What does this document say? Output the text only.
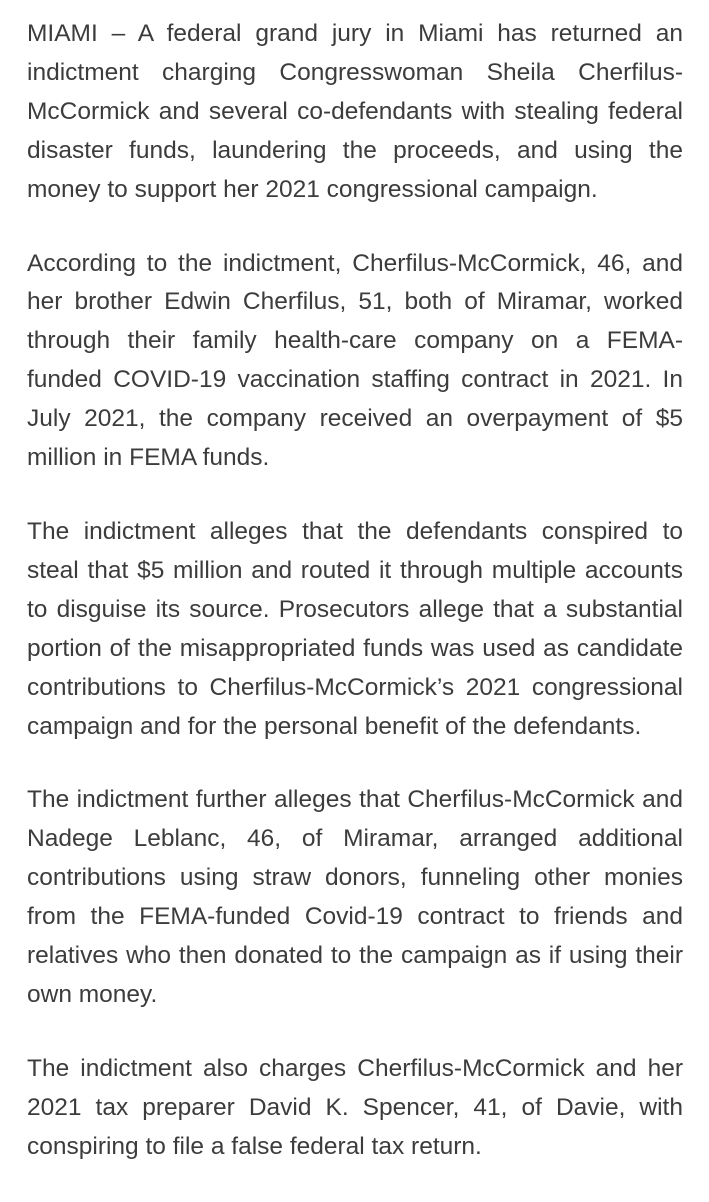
MIAMI – A federal grand jury in Miami has returned an indictment charging Congresswoman Sheila Cherfilus-McCormick and several co-defendants with stealing federal disaster funds, laundering the proceeds, and using the money to support her 2021 congressional campaign.

According to the indictment, Cherfilus-McCormick, 46, and her brother Edwin Cherfilus, 51, both of Miramar, worked through their family health-care company on a FEMA-funded COVID-19 vaccination staffing contract in 2021. In July 2021, the company received an overpayment of $5 million in FEMA funds.

The indictment alleges that the defendants conspired to steal that $5 million and routed it through multiple accounts to disguise its source. Prosecutors allege that a substantial portion of the misappropriated funds was used as candidate contributions to Cherfilus-McCormick’s 2021 congressional campaign and for the personal benefit of the defendants.

The indictment further alleges that Cherfilus-McCormick and Nadege Leblanc, 46, of Miramar, arranged additional contributions using straw donors, funneling other monies from the FEMA-funded Covid-19 contract to friends and relatives who then donated to the campaign as if using their own money.

The indictment also charges Cherfilus-McCormick and her 2021 tax preparer David K. Spencer, 41, of Davie, with conspiring to file a false federal tax return.
